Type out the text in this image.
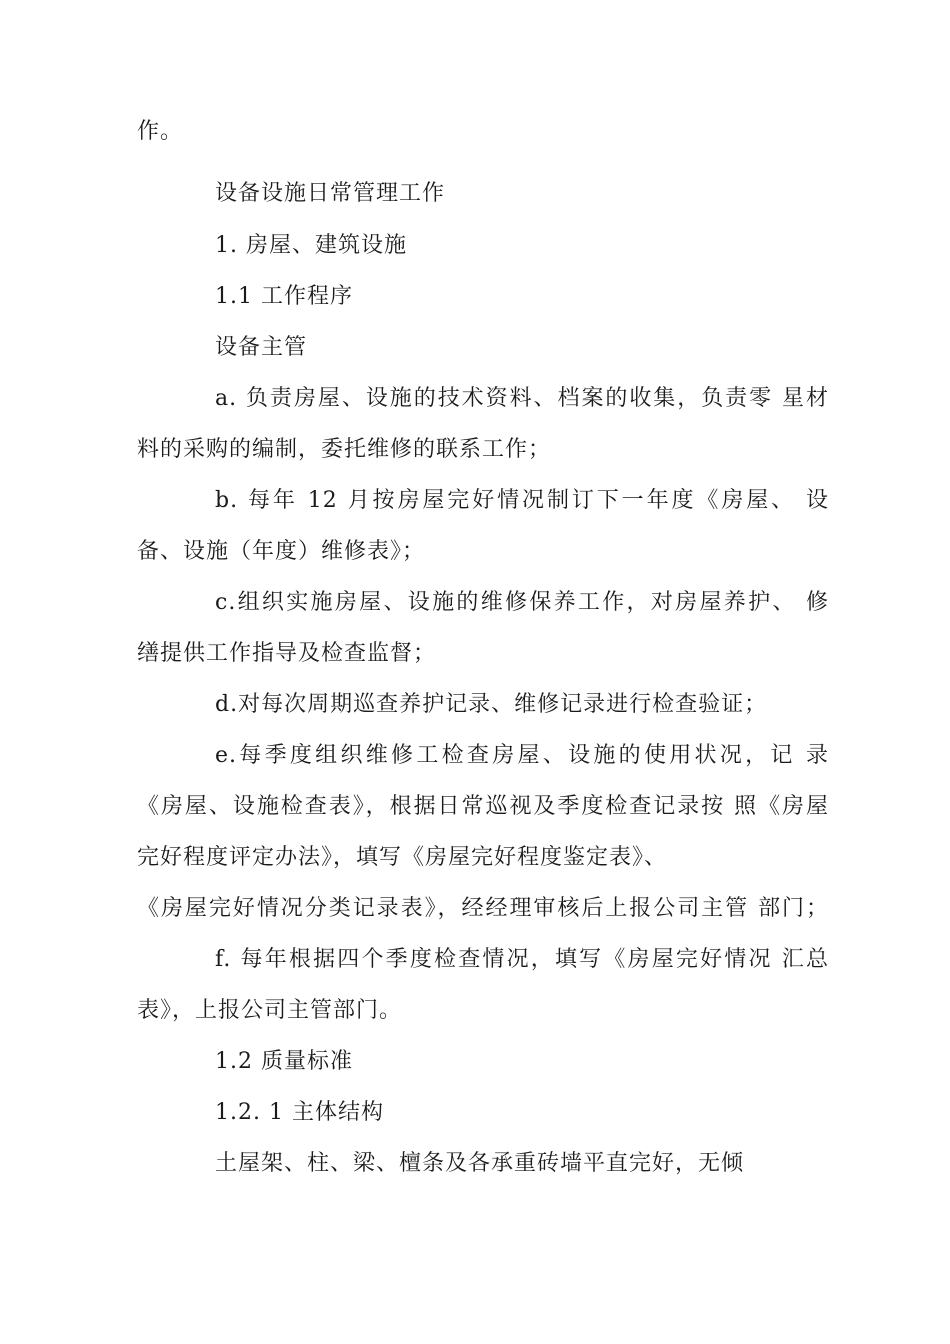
作。
设备设施日常管理工作
1. 房屋、建筑设施
1.1 工作程序
设备主管
a. 负责房屋、设施的技术资料、档案的收集，负责零 星材
料的采购的编制，委托维修的联系工作；
b. 每年 12 月按房屋完好情况制订下一年度《房屋、 设
备、设施（年度）维修表》；
c.组织实施房屋、设施的维修保养工作，对房屋养护、 修
缮提供工作指导及检查监督；
d.对每次周期巡查养护记录、维修记录进行检查验证；
e.每季度组织维修工检查房屋、设施的使用状况，记 录
《房屋、设施检查表》，根据日常巡视及季度检查记录按 照《房屋
完好程度评定办法》，填写《房屋完好程度鉴定表》、
《房屋完好情况分类记录表》，经经理审核后上报公司主管 部门；
f. 每年根据四个季度检查情况，填写《房屋完好情况 汇总
表》，上报公司主管部门。
1.2 质量标准
1.2. 1 主体结构
土屋架、柱、梁、檀条及各承重砖墙平直完好，无倾
